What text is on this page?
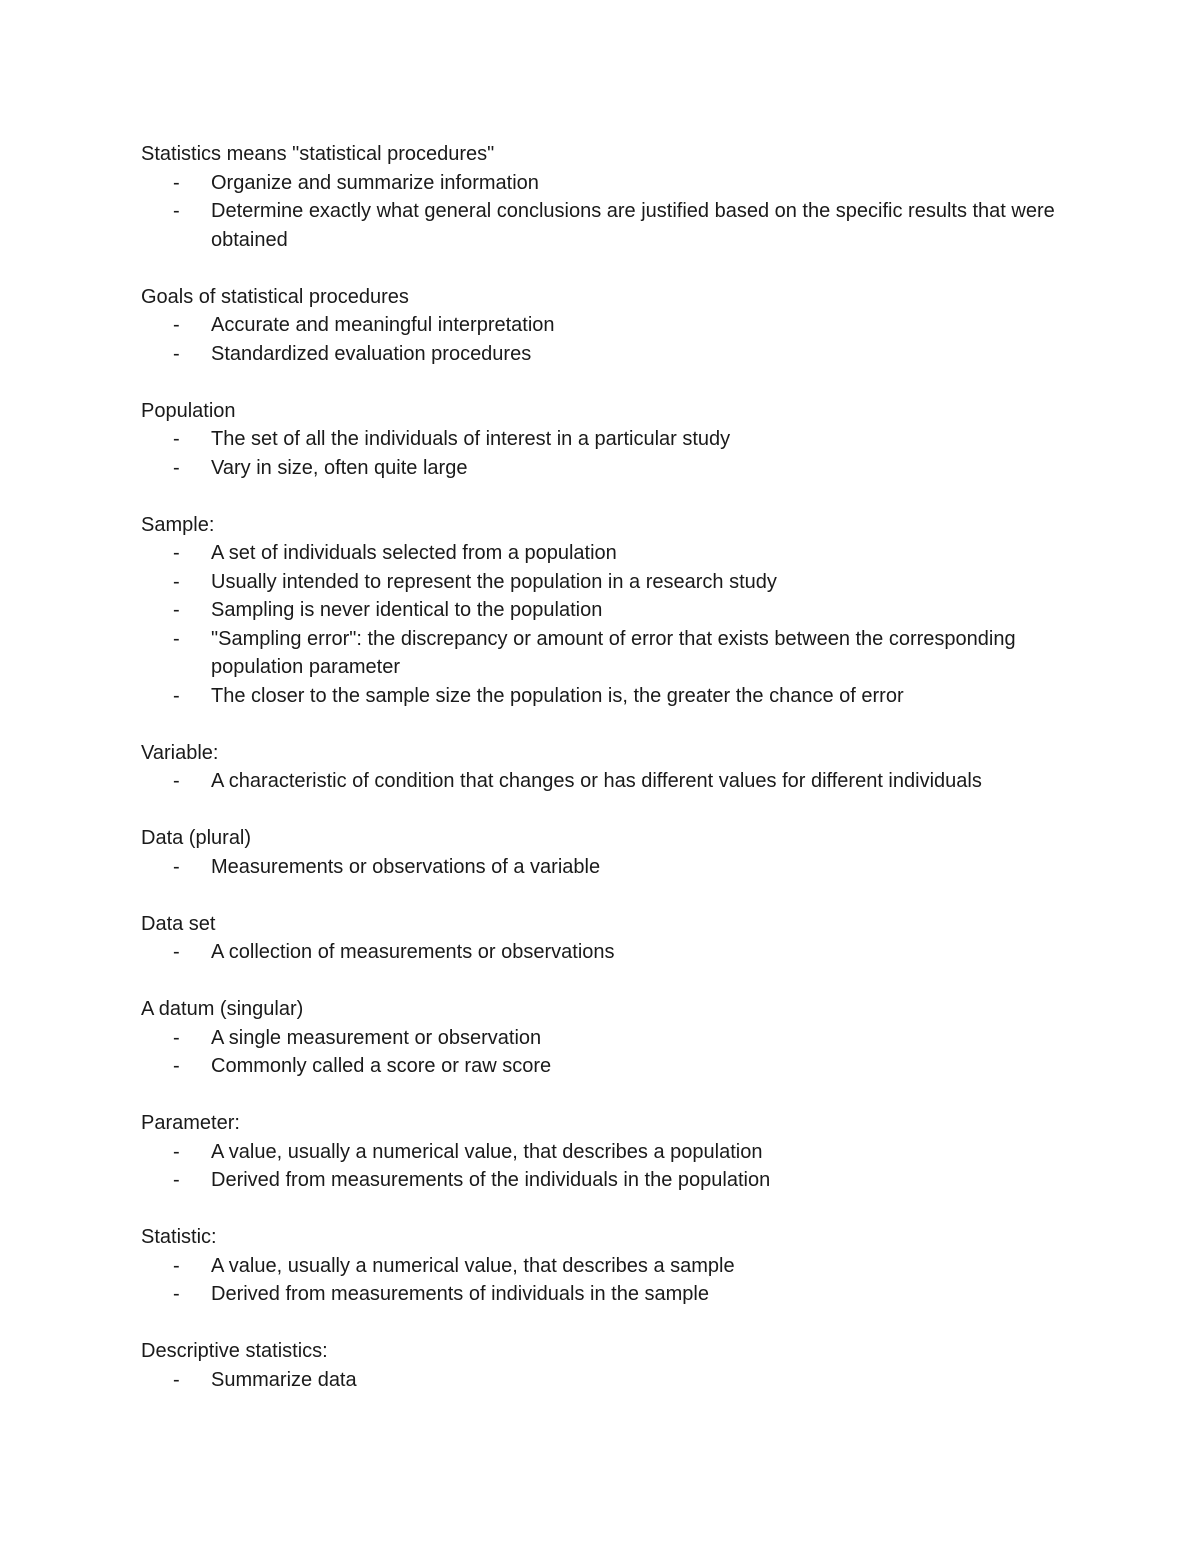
Statistics means "statistical procedures"
- Organize and summarize information
- Determine exactly what general conclusions are justified based on the specific results that were obtained
Goals of statistical procedures
- Accurate and meaningful interpretation
- Standardized evaluation procedures
Population
- The set of all the individuals of interest in a particular study
- Vary in size, often quite large
Sample:
- A set of individuals selected from a population
- Usually intended to represent the population in a research study
- Sampling is never identical to the population
- "Sampling error": the discrepancy or amount of error that exists between the corresponding population parameter
- The closer to the sample size the population is, the greater the chance of error
Variable:
- A characteristic of condition that changes or has different values for different individuals
Data (plural)
- Measurements or observations of a variable
Data set
- A collection of measurements or observations
A datum (singular)
- A single measurement or observation
- Commonly called a score or raw score
Parameter:
- A value, usually a numerical value, that describes a population
- Derived from measurements of the individuals in the population
Statistic:
- A value, usually a numerical value, that describes a sample
- Derived from measurements of individuals in the sample
Descriptive statistics:
- Summarize data
